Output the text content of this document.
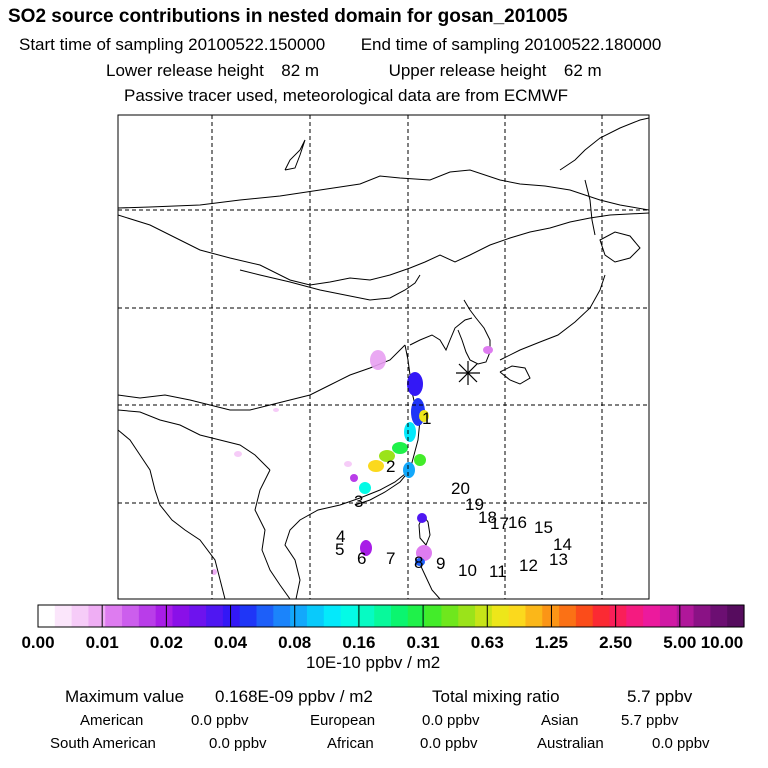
SO2 source contributions in nested domain for gosan_201005
Start time of sampling 20100522.150000 End time of sampling 20100522.180000
Lower release height 82 m	Upper release height 62 m
Passive tracer used, meteorological data are from ECMWF
1
2
3
4
5 6 7 8 9 10 11 12 13
14
15
16
17
18
19
20
0.00 0.01 0.02 0.04 0.08 0.16 0.31 0.63 1.25 2.50 5.00 10.00
10E-10 ppbv / m2
Maximum value 0.168E-09 ppbv / m2	Total mixing ratio	5.7 ppbv
American	0.0 ppbv	European	0.0 ppbv	Asian	5.7 ppbv
South American	0.0 ppbv	African	0.0 ppbv	Australian	0.0 ppbv
